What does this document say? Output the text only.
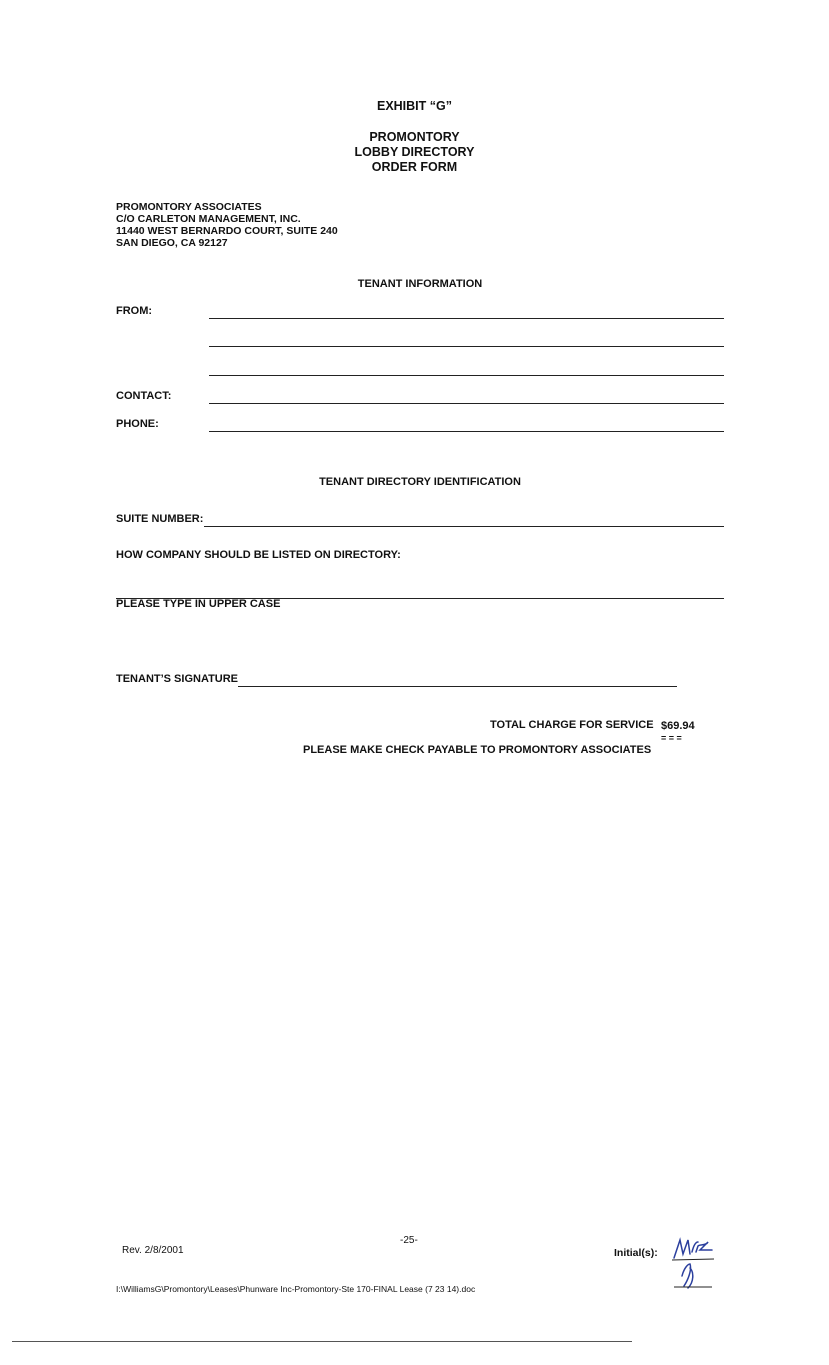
EXHIBIT “G”
PROMONTORY
LOBBY DIRECTORY
ORDER FORM
PROMONTORY ASSOCIATES
C/O CARLETON MANAGEMENT, INC.
11440 WEST BERNARDO COURT, SUITE 240
SAN DIEGO, CA 92127
TENANT INFORMATION
FROM:
CONTACT:
PHONE:
TENANT DIRECTORY IDENTIFICATION
SUITE NUMBER:
HOW COMPANY SHOULD BE LISTED ON DIRECTORY:
PLEASE TYPE IN UPPER CASE
TENANT’S SIGNATURE
TOTAL CHARGE FOR SERVICE $69.94
= = =
PLEASE MAKE CHECK PAYABLE TO PROMONTORY ASSOCIATES
-25-
Rev. 2/8/2001	Initial(s):
I:\WilliamsG\Promontory\Leases\Phunware Inc-Promontory-Ste 170-FINAL Lease (7 23 14).doc
